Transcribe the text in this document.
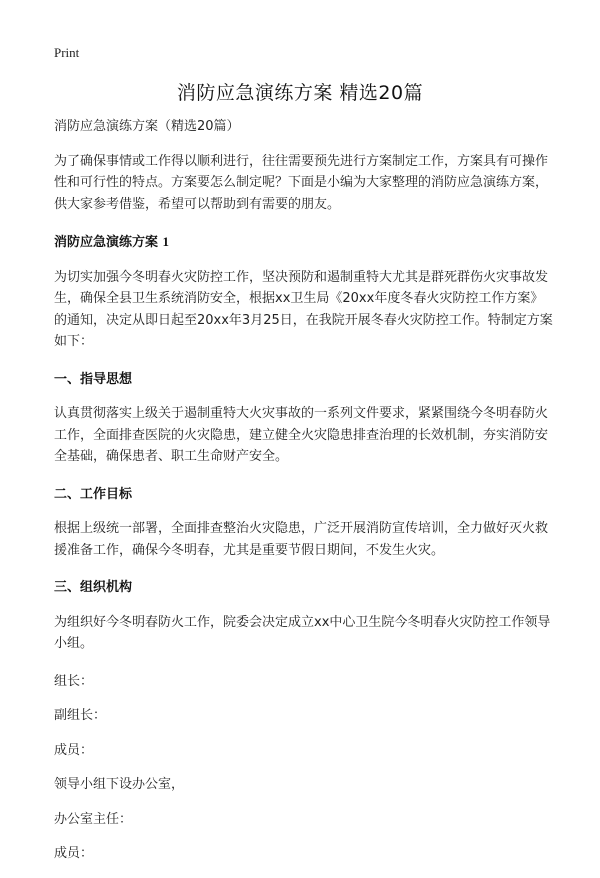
Print
消防应急演练方案 精选20篇

消防应急演练方案（精选20篇）

为了确保事情或工作得以顺利进行，往往需要预先进行方案制定工作，方案具有可操作性和可行性的特点。方案要怎么制定呢？下面是小编为大家整理的消防应急演练方案，供大家参考借鉴，希望可以帮助到有需要的朋友。

消防应急演练方案 1

为切实加强今冬明春火灾防控工作，坚决预防和遏制重特大尤其是群死群伤火灾事故发生，确保全县卫生系统消防安全，根据xx卫生局《20xx年度冬春火灾防控工作方案》的通知，决定从即日起至20xx年3月25日，在我院开展冬春火灾防控工作。特制定方案如下：

一、指导思想

认真贯彻落实上级关于遏制重特大火灾事故的一系列文件要求，紧紧围绕今冬明春防火工作，全面排查医院的火灾隐患，建立健全火灾隐患排查治理的长效机制，夯实消防安全基础，确保患者、职工生命财产安全。

二、工作目标

根据上级统一部署，全面排查整治火灾隐患，广泛开展消防宣传培训，全力做好灭火救援准备工作，确保今冬明春，尤其是重要节假日期间，不发生火灾。

三、组织机构

为组织好今冬明春防火工作，院委会决定成立xx中心卫生院今冬明春火灾防控工作领导小组。

组长：

副组长：

成员：

领导小组下设办公室，

办公室主任：

成员：
